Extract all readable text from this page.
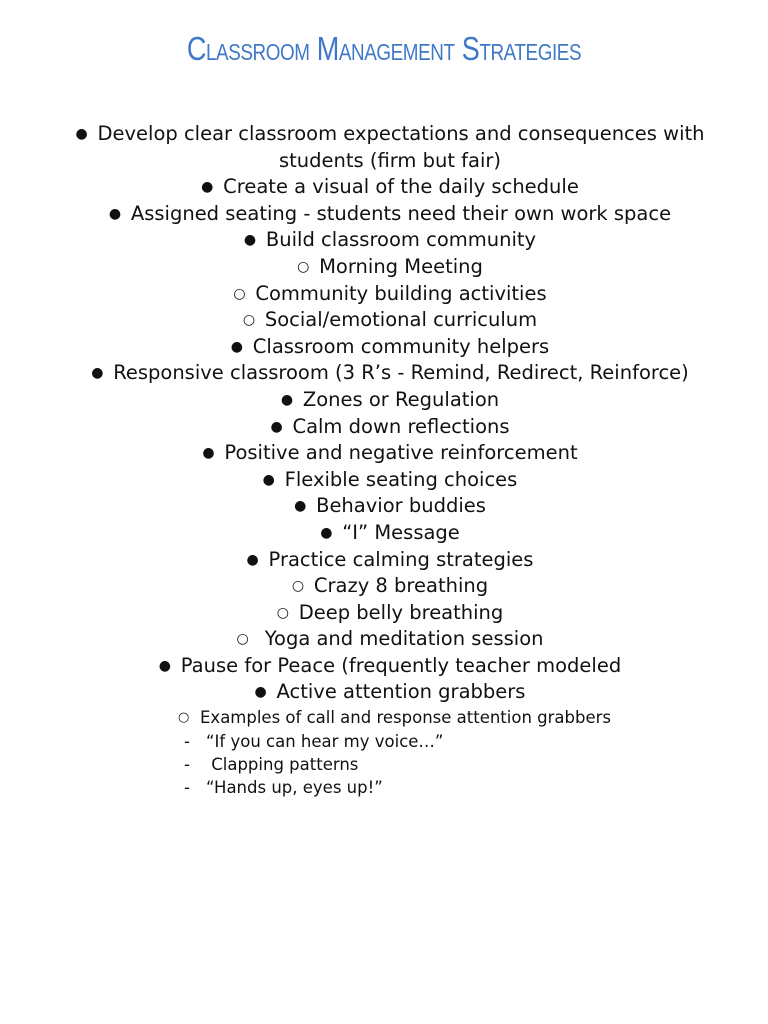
Classroom Management Strategies
● Develop clear classroom expectations and consequences with students (firm but fair)
● Create a visual of the daily schedule
● Assigned seating - students need their own work space
● Build classroom community
○ Morning Meeting
○ Community building activities
○ Social/emotional curriculum
● Classroom community helpers
● Responsive classroom (3 R’s - Remind, Redirect, Reinforce)
● Zones or Regulation
● Calm down reflections
● Positive and negative reinforcement
● Flexible seating choices
● Behavior buddies
● “I” Message
● Practice calming strategies
○ Crazy 8 breathing
○ Deep belly breathing
○ Yoga and meditation session
● Pause for Peace (frequently teacher modeled
● Active attention grabbers
○ Examples of call and response attention grabbers
- “If you can hear my voice…”
- Clapping patterns
- “Hands up, eyes up!”
